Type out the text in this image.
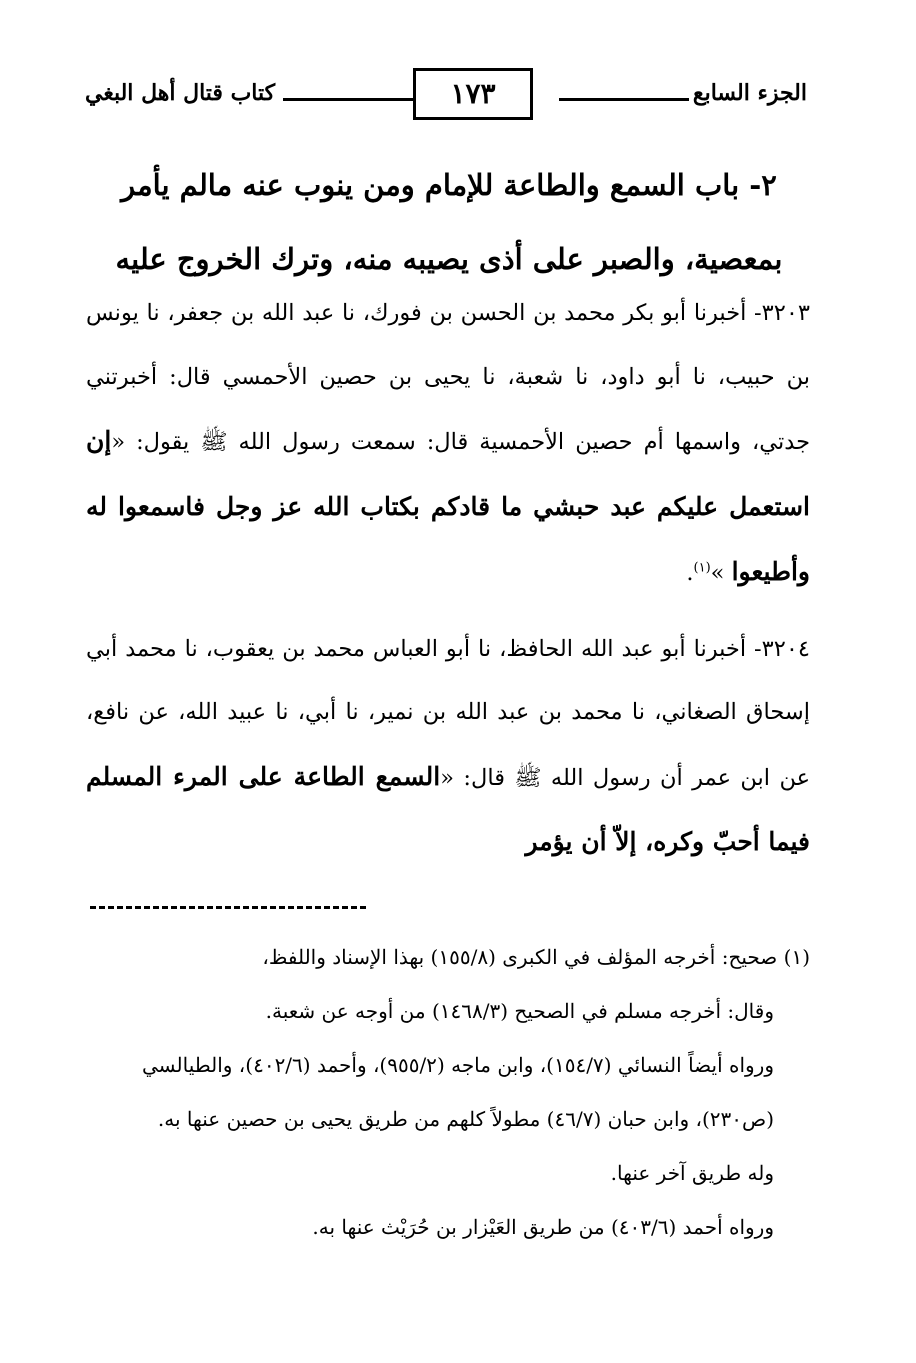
الجزء السابع
١٧٣
كتاب قتال أهل البغي
٢- باب السمع والطاعة للإمام ومن ينوب عنه مالم يأمر
بمعصية، والصبر على أذى يصيبه منه، وترك الخروج عليه

٣٢٠٣- أخبرنا أبو بكر محمد بن الحسن بن فورك، نا عبد الله بن جعفر، نا يونس بن حبيب، نا أبو داود، نا شعبة، نا يحيى بن حصين الأحمسي قال: أخبرتني جدتي، واسمها أم حصين الأحمسية قال: سمعت رسول الله ﷺ يقول: «إن استعمل عليكم عبد حبشي ما قادكم بكتاب الله عز وجل فاسمعوا له وأطيعوا »$^{(١)}$.

٣٢٠٤- أخبرنا أبو عبد الله الحافظ، نا أبو العباس محمد بن يعقوب، نا محمد أبي إسحاق الصغاني، نا محمد بن عبد الله بن نمير، نا أبي، نا عبيد الله، عن نافع، عن ابن عمر أن رسول الله ﷺ قال: «السمع الطاعة على المرء المسلم فيما أحبّ وكره، إلاّ أن يؤمر

(١) صحيح: أخرجه المؤلف في الكبرى (١٥٥/٨) بهذا الإسناد واللفظ،

وقال: أخرجه مسلم في الصحيح (١٤٦٨/٣) من أوجه عن شعبة.

ورواه أيضاً النسائي (١٥٤/٧)، وابن ماجه (٩٥٥/٢)، وأحمد (٤٠٢/٦)، والطيالسي (ص٢٣٠)، وابن حبان (٤٦/٧) مطولاً كلهم من طريق يحيى بن حصين عنها به.

وله طريق آخر عنها.

ورواه أحمد (٤٠٣/٦) من طريق العَيْزار بن حُرَيْث عنها به.
